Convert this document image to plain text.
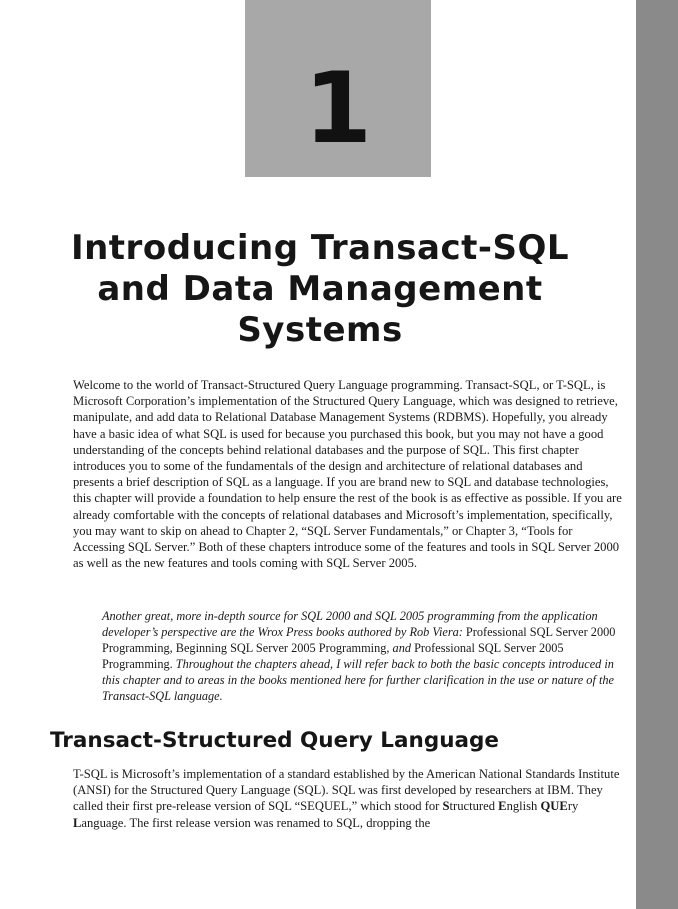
1
Introducing Transact-SQL
and Data Management
Systems

Welcome to the world of Transact-Structured Query Language programming. Transact-SQL, or T-SQL, is Microsoft Corporation’s implementation of the Structured Query Language, which was designed to retrieve, manipulate, and add data to Relational Database Management Systems (RDBMS). Hopefully, you already have a basic idea of what SQL is used for because you purchased this book, but you may not have a good understanding of the concepts behind relational databases and the purpose of SQL. This first chapter introduces you to some of the fundamentals of the design and architecture of relational databases and presents a brief description of SQL as a language. If you are brand new to SQL and database technologies, this chapter will provide a foundation to help ensure the rest of the book is as effective as possible. If you are already comfortable with the concepts of relational databases and Microsoft’s implementation, specifically, you may want to skip on ahead to Chapter 2, “SQL Server Fundamentals,” or Chapter 3, “Tools for Accessing SQL Server.” Both of these chapters introduce some of the features and tools in SQL Server 2000 as well as the new features and tools coming with SQL Server 2005.

Another great, more in-depth source for SQL 2000 and SQL 2005 programming from the application developer’s perspective are the Wrox Press books authored by Rob Viera: Professional SQL Server 2000 Programming, Beginning SQL Server 2005 Programming, and Professional SQL Server 2005 Programming. Throughout the chapters ahead, I will refer back to both the basic concepts introduced in this chapter and to areas in the books mentioned here for further clarification in the use or nature of the Transact-SQL language.

Transact-Structured Query Language

T-SQL is Microsoft’s implementation of a standard established by the American National Standards Institute (ANSI) for the Structured Query Language (SQL). SQL was first developed by researchers at IBM. They called their first pre-release version of SQL “SEQUEL,” which stood for Structured English QUEry Language. The first release version was renamed to SQL, dropping the
